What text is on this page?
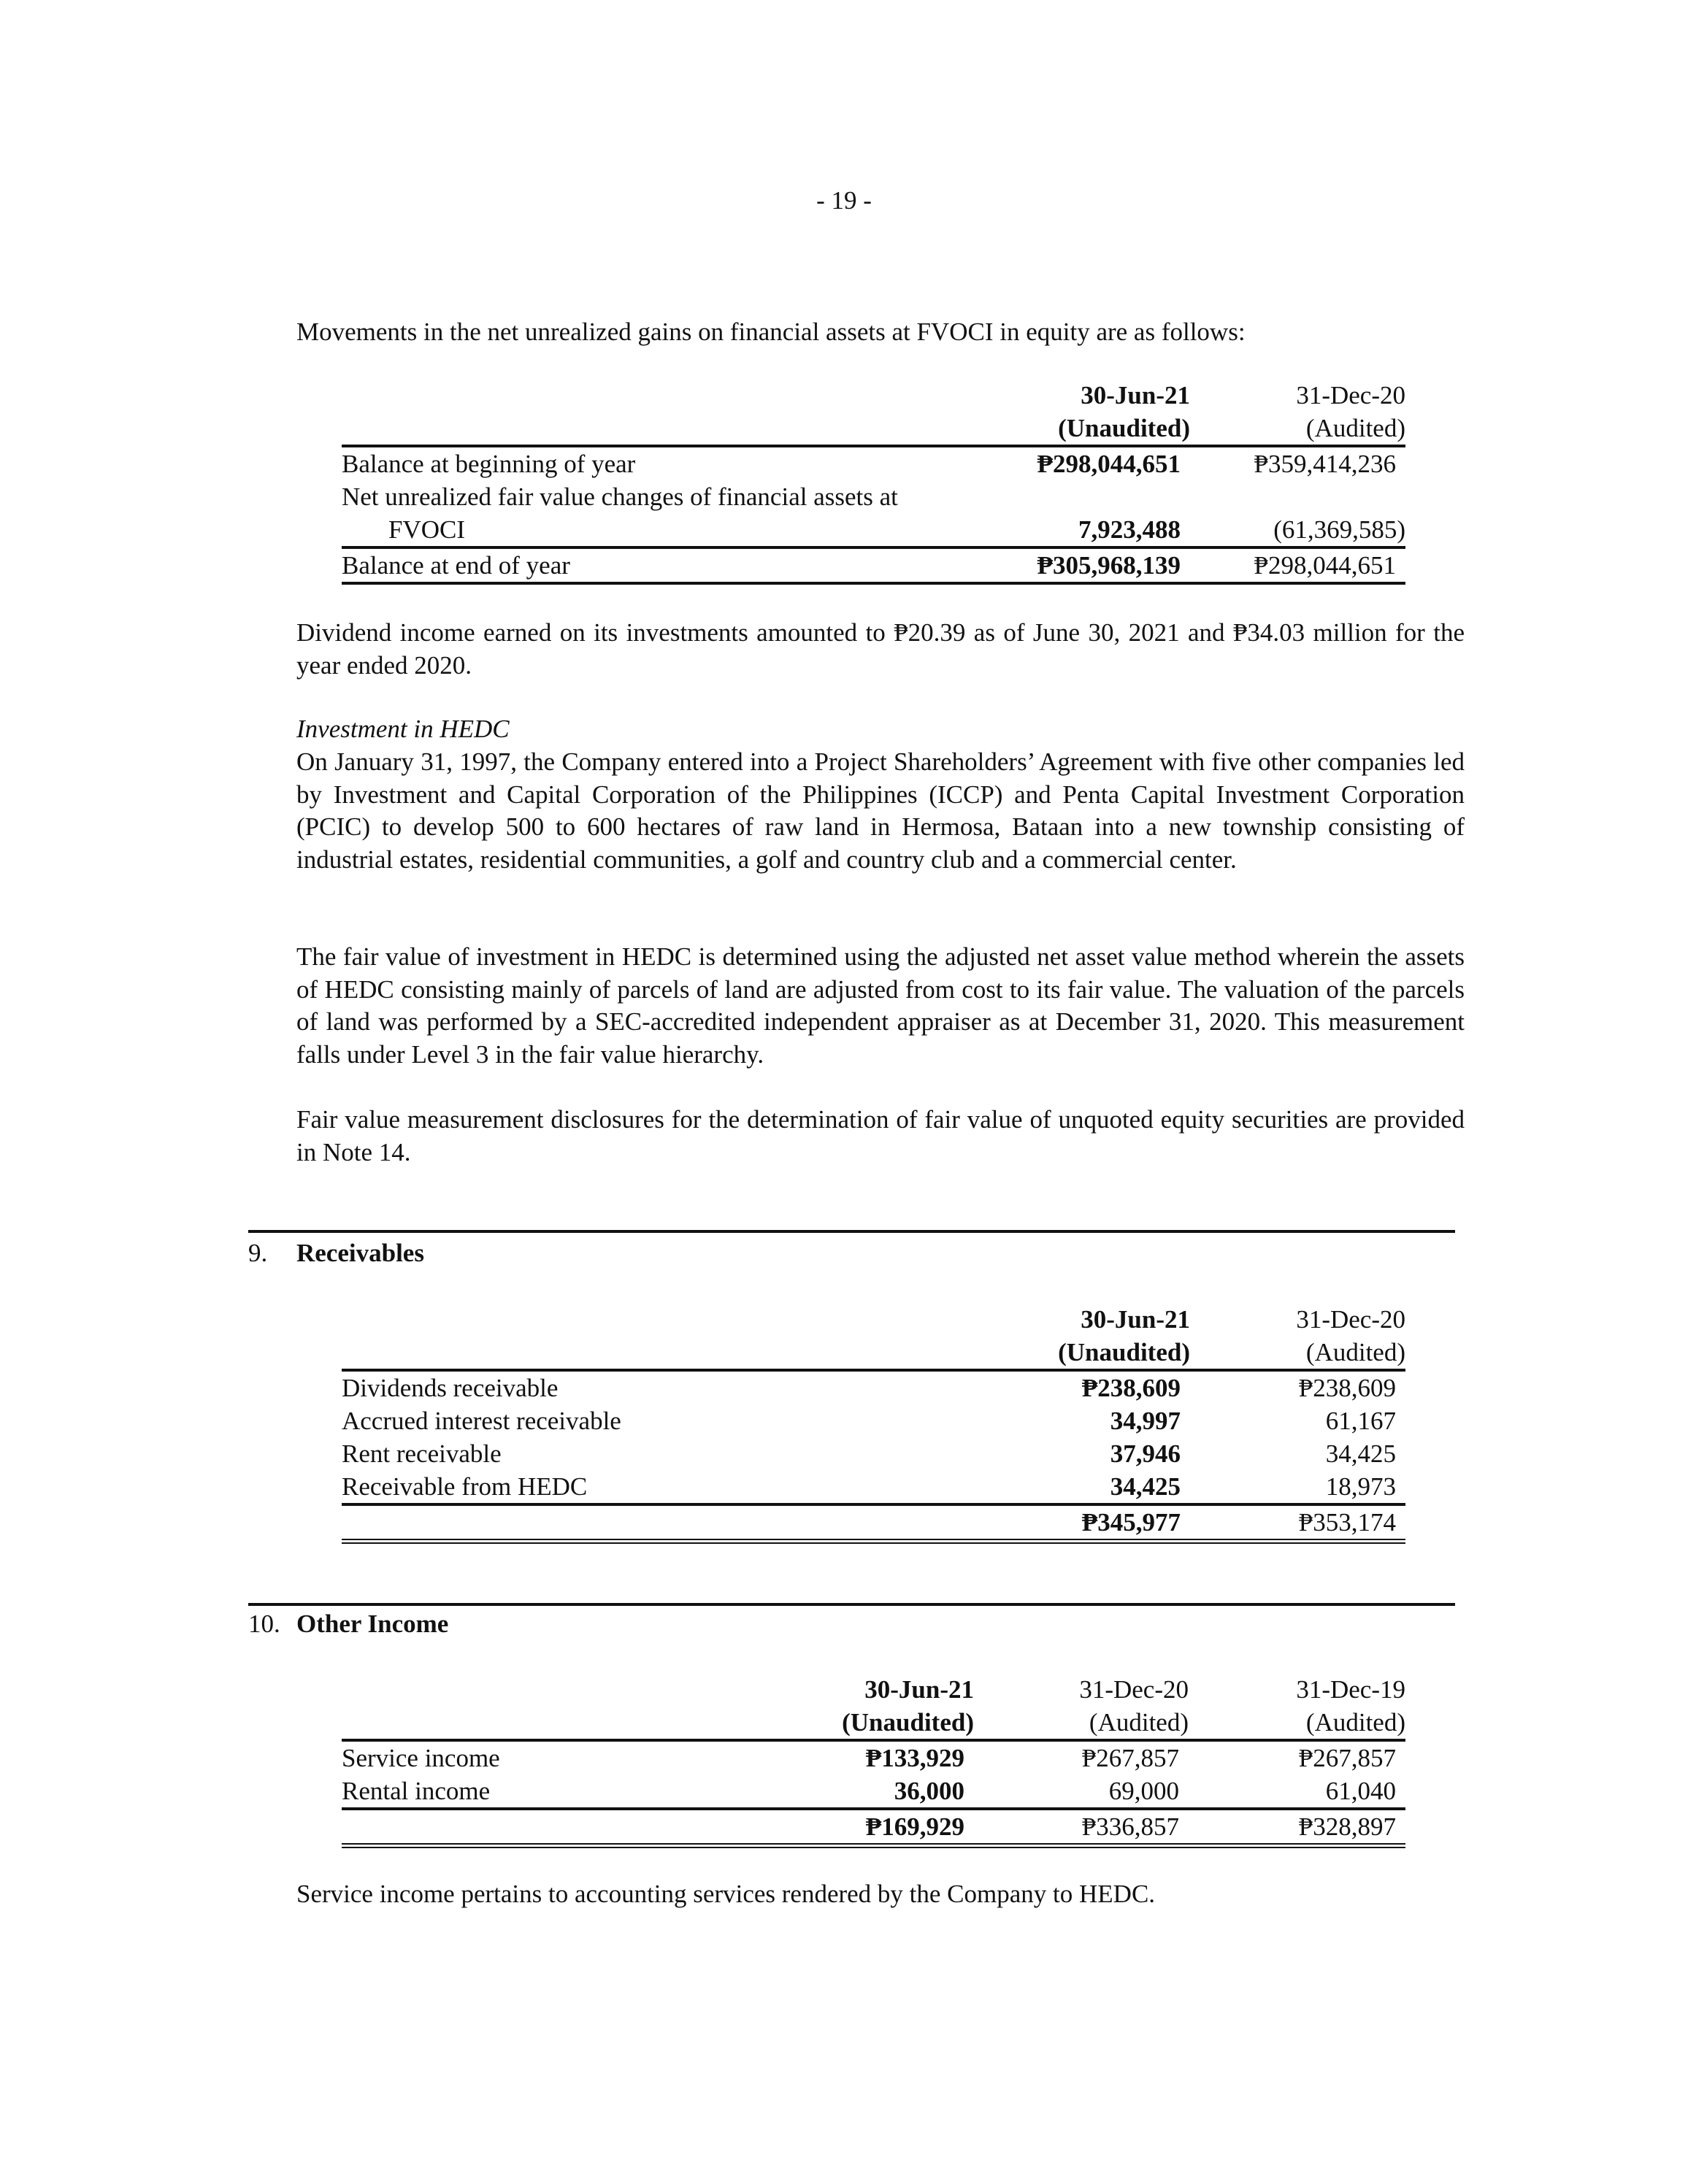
- 19 -

Movements in the net unrealized gains on financial assets at FVOCI in equity are as follows:

	30-Jun-21	31-Dec-20
	(Unaudited)	(Audited)
Balance at beginning of year	₱298,044,651	₱359,414,236
Net unrealized fair value changes of financial assets at		
FVOCI	7,923,488	(61,369,585)
Balance at end of year	₱305,968,139	₱298,044,651

Dividend income earned on its investments amounted to ₱20.39 as of June 30, 2021 and ₱34.03 million for the year ended 2020.

Investment in HEDC

On January 31, 1997, the Company entered into a Project Shareholders’ Agreement with five other companies led by Investment and Capital Corporation of the Philippines (ICCP) and Penta Capital Investment Corporation (PCIC) to develop 500 to 600 hectares of raw land in Hermosa, Bataan into a new township consisting of industrial estates, residential communities, a golf and country club and a commercial center.

The fair value of investment in HEDC is determined using the adjusted net asset value method wherein the assets of HEDC consisting mainly of parcels of land are adjusted from cost to its fair value. The valuation of the parcels of land was performed by a SEC-accredited independent appraiser as at December 31, 2020. This measurement falls under Level 3 in the fair value hierarchy.

Fair value measurement disclosures for the determination of fair value of unquoted equity securities are provided in Note 14.

9. Receivables
	30-Jun-21	31-Dec-20
	(Unaudited)	(Audited)
Dividends receivable	₱238,609	₱238,609
Accrued interest receivable	34,997	61,167
Rent receivable	37,946	34,425
Receivable from HEDC	34,425	18,973
	₱345,977	₱353,174
10. Other Income
	30-Jun-21	31-Dec-20	31-Dec-19
	(Unaudited)	(Audited)	(Audited)
Service income	₱133,929	₱267,857	₱267,857
Rental income	36,000	69,000	61,040
	₱169,929	₱336,857	₱328,897

Service income pertains to accounting services rendered by the Company to HEDC.
